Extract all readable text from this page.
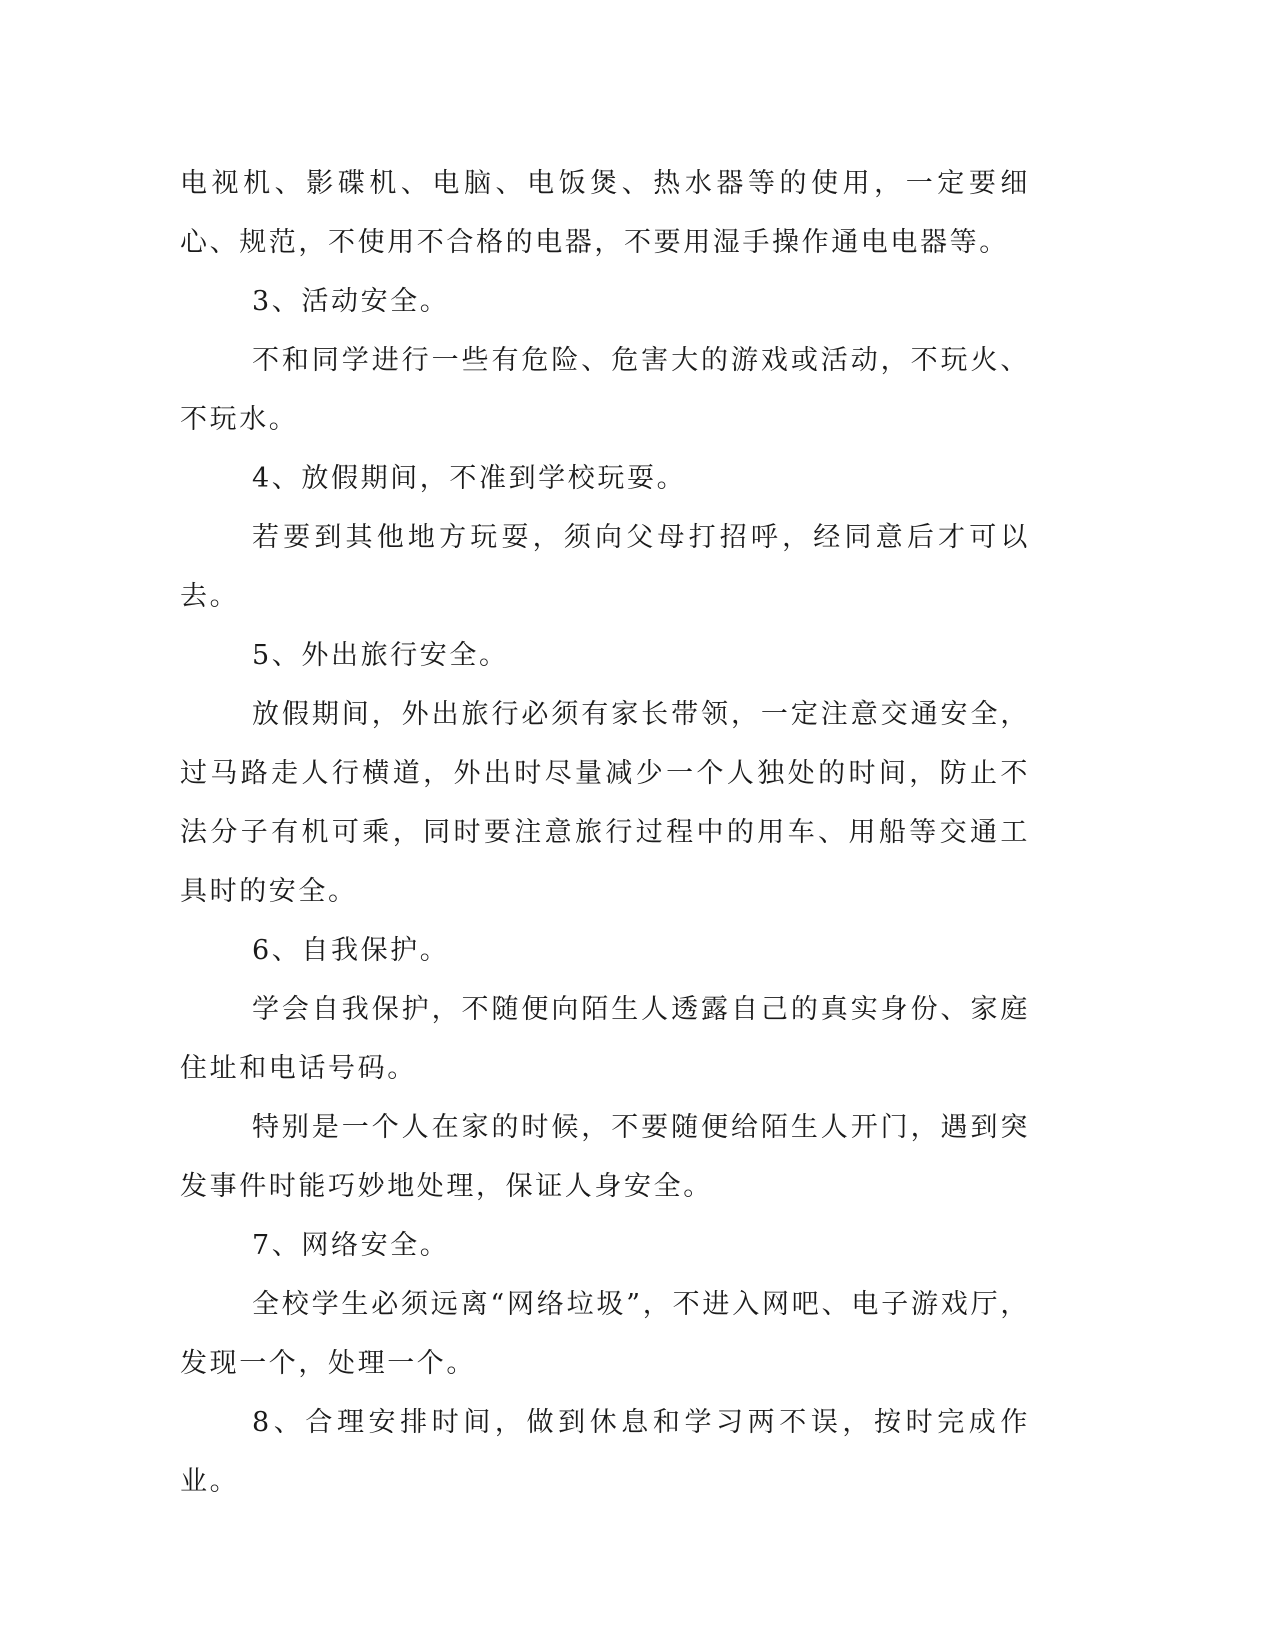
电视机、影碟机、电脑、电饭煲、热水器等的使用，一定要细心、规范，不使用不合格的电器，不要用湿手操作通电电器等。

3、活动安全。

不和同学进行一些有危险、危害大的游戏或活动，不玩火、不玩水。

4、放假期间，不准到学校玩耍。

若要到其他地方玩耍，须向父母打招呼，经同意后才可以去。

5、外出旅行安全。

放假期间，外出旅行必须有家长带领，一定注意交通安全，过马路走人行横道，外出时尽量减少一个人独处的时间，防止不法分子有机可乘，同时要注意旅行过程中的用车、用船等交通工具时的安全。

6、自我保护。

学会自我保护，不随便向陌生人透露自己的真实身份、家庭住址和电话号码。

特别是一个人在家的时候，不要随便给陌生人开门，遇到突发事件时能巧妙地处理，保证人身安全。

7、网络安全。

全校学生必须远离“网络垃圾”，不进入网吧、电子游戏厅，发现一个，处理一个。

8、合理安排时间，做到休息和学习两不误，按时完成作业。
